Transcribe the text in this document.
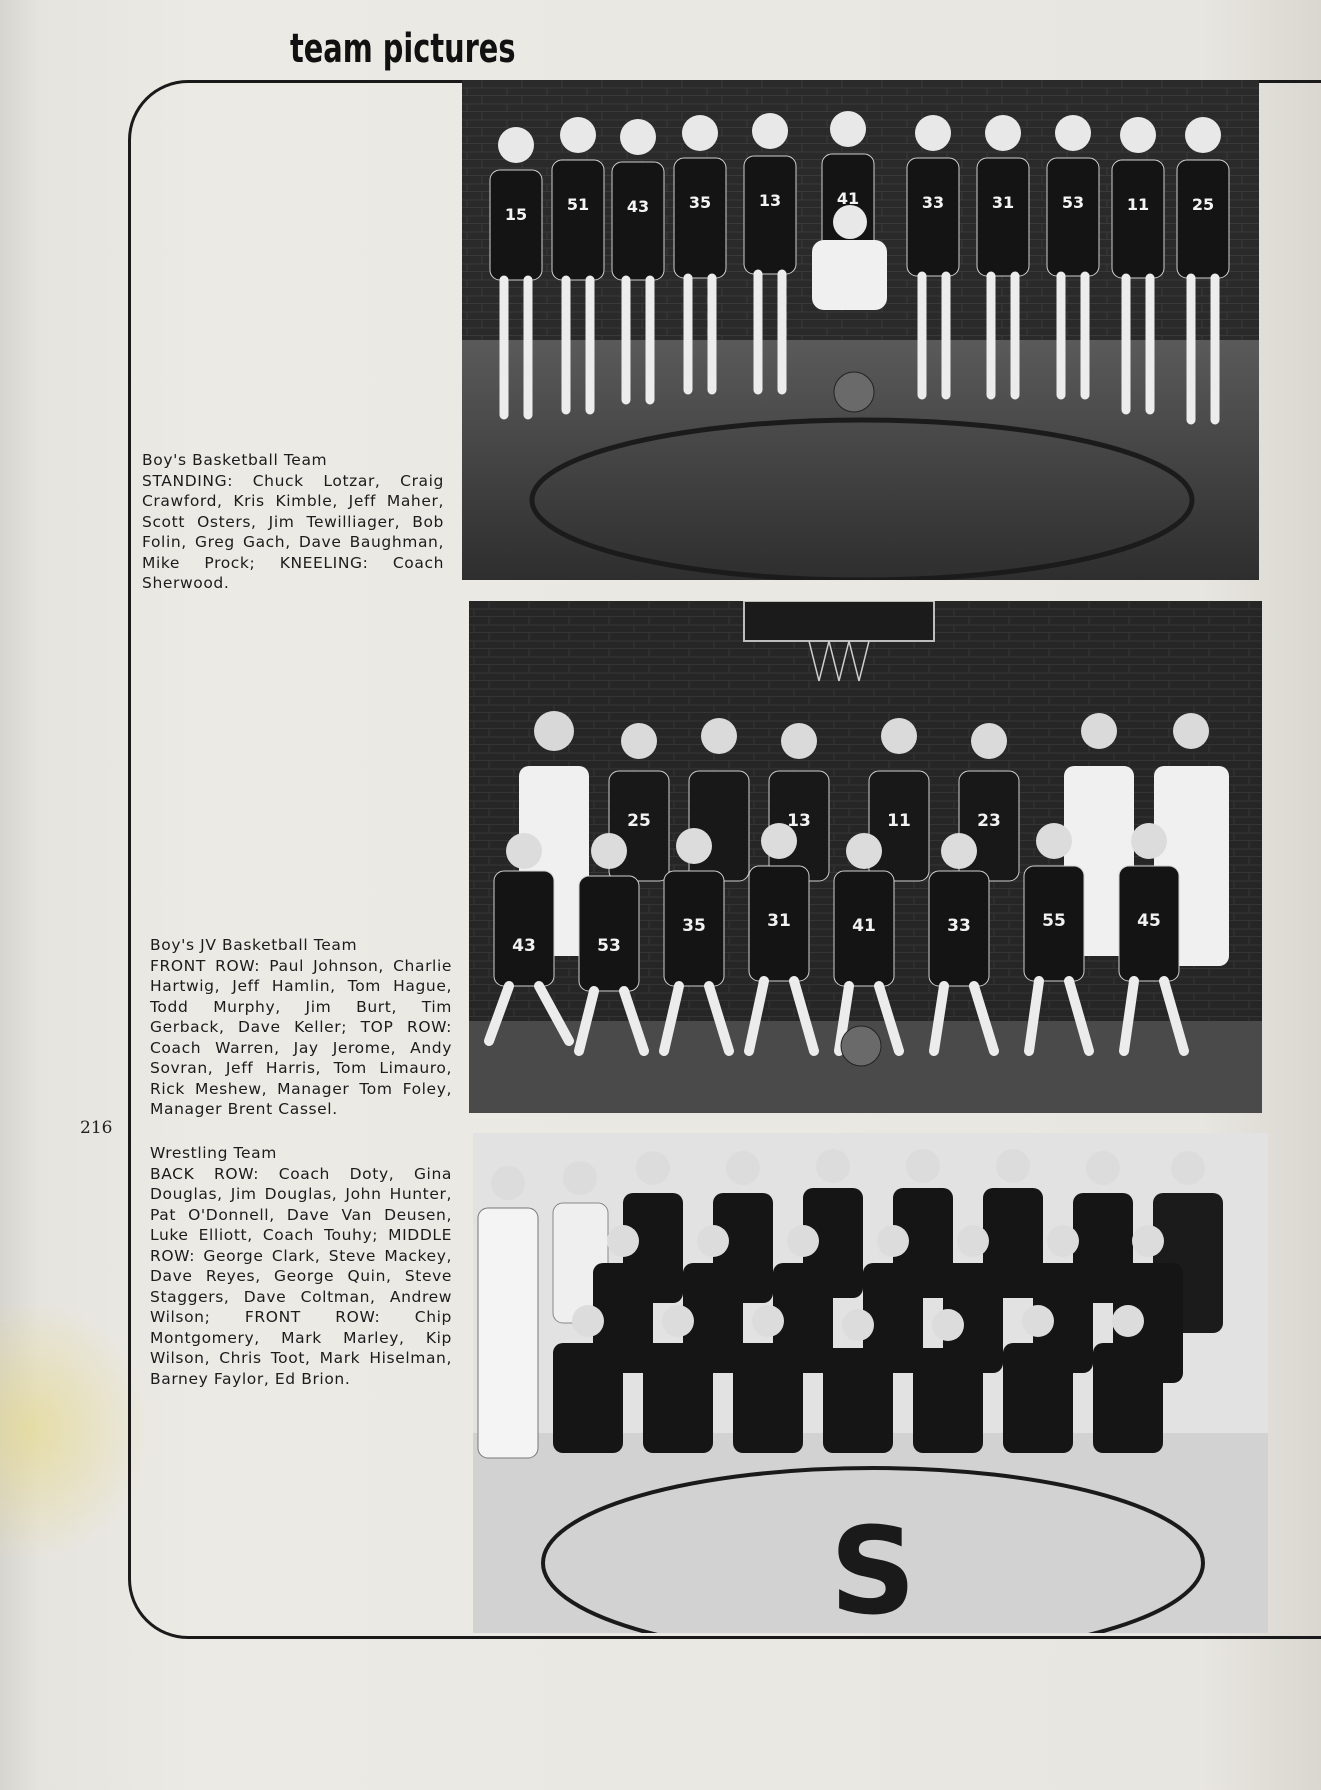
team pictures
15
51 43 35	13	41	33	31	53	11	25
Boy's Basketball Team
STANDING: Chuck Lotzar, Craig Crawford, Kris Kimble, Jeff Maher, Scott Osters, Jim Tewilliager, Bob Folin, Greg Gach, Dave Baughman, Mike Prock; KNEELING: Coach Sherwood.
25	13	11	23
43	53
35	31	41	33	55	45
Boy's JV Basketball Team
FRONT ROW: Paul Johnson, Charlie Hartwig, Jeff Hamlin, Tom Hague, Todd Murphy, Jim Burt, Tim Gerback, Dave Keller; TOP ROW: Coach Warren, Jay Jerome, Andy Sovran, Jeff Harris, Tom Limauro, Rick Meshew, Manager Tom Foley, Manager Brent Cassel.
216
S
Wrestling Team
BACK ROW: Coach Doty, Gina Douglas, Jim Douglas, John Hunter, Pat O'Donnell, Dave Van Deusen, Luke Elliott, Coach Touhy; MIDDLE ROW: George Clark, Steve Mackey, Dave Reyes, George Quin, Steve Staggers, Dave Coltman, Andrew Wilson; FRONT ROW: Chip Montgomery, Mark Marley, Kip Wilson, Chris Toot, Mark Hiselman, Barney Faylor, Ed Brion.
